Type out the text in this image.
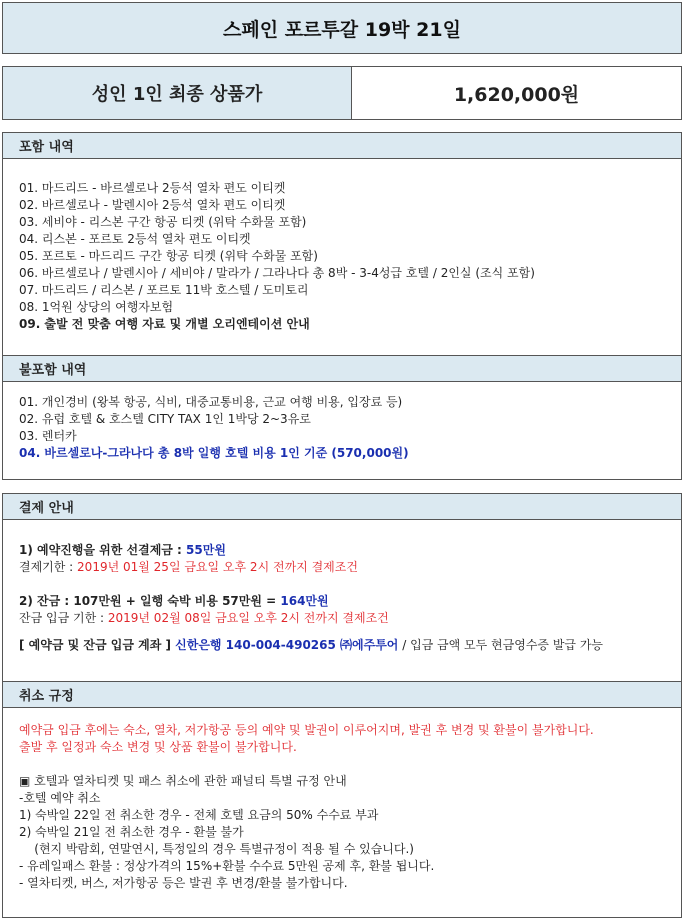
스페인 포르투갈 19박 21일
성인 1인 최종 상품가	1,620,000원
포함 내역
01. 마드리드 - 바르셀로나 2등석 열차 편도 이티켓
02. 바르셀로나 - 발렌시아 2등석 열차 편도 이티켓
03. 세비야 - 리스본 구간 항공 티켓 (위탁 수화물 포함)
04. 리스본 - 포르토 2등석 열차 편도 이티켓
05. 포르토 - 마드리드 구간 항공 티켓 (위탁 수화물 포함)
06. 바르셀로나 / 발렌시아 / 세비야 / 말라가 / 그라나다 총 8박 - 3-4성급 호텔 / 2인실 (조식 포함)
07. 마드리드 / 리스본 / 포르토 11박 호스텔 / 도미토리
08. 1억원 상당의 여행자보험
09. 출발 전 맞춤 여행 자료 및 개별 오리엔테이션 안내
불포함 내역
01. 개인경비 (왕복 항공, 식비, 대중교통비용, 근교 여행 비용, 입장료 등)
02. 유럽 호텔 & 호스텔 CITY TAX 1인 1박당 2~3유로
03. 렌터카
04. 바르셀로나-그라나다 총 8박 일행 호텔 비용 1인 기준 (570,000원)
결제 안내
1) 예약진행을 위한 선결제금 : 55만원
결제기한 : 2019년 01월 25일 금요일 오후 2시 전까지 결제조건
2) 잔금 : 107만원 + 일행 숙박 비용 57만원 = 164만원
잔금 입금 기한 : 2019년 02월 08일 금요일 오후 2시 전까지 결제조건
[ 예약금 및 잔금 입금 계좌 ] 신한은행 140-004-490265 ㈜에주투어 / 입금 금액 모두 현금영수증 발급 가능
취소 규정
예약금 입금 후에는 숙소, 열차, 저가항공 등의 예약 및 발권이 이루어지며, 발권 후 변경 및 환불이 불가합니다.
출발 후 일정과 숙소 변경 및 상품 환불이 불가합니다.
▣ 호텔과 열차티켓 및 패스 취소에 관한 패널티 특별 규정 안내
-호텔 예약 취소
1) 숙박일 22일 전 취소한 경우 - 전체 호텔 요금의 50% 수수료 부과
2) 숙박일 21일 전 취소한 경우 - 환불 불가
(현지 박람회, 연말연시, 특정일의 경우 특별규정이 적용 될 수 있습니다.)
- 유레일패스 환불 : 정상가격의 15%+환불 수수료 5만원 공제 후, 환불 됩니다.
- 열차티켓, 버스, 저가항공 등은 발권 후 변경/환불 불가합니다.
